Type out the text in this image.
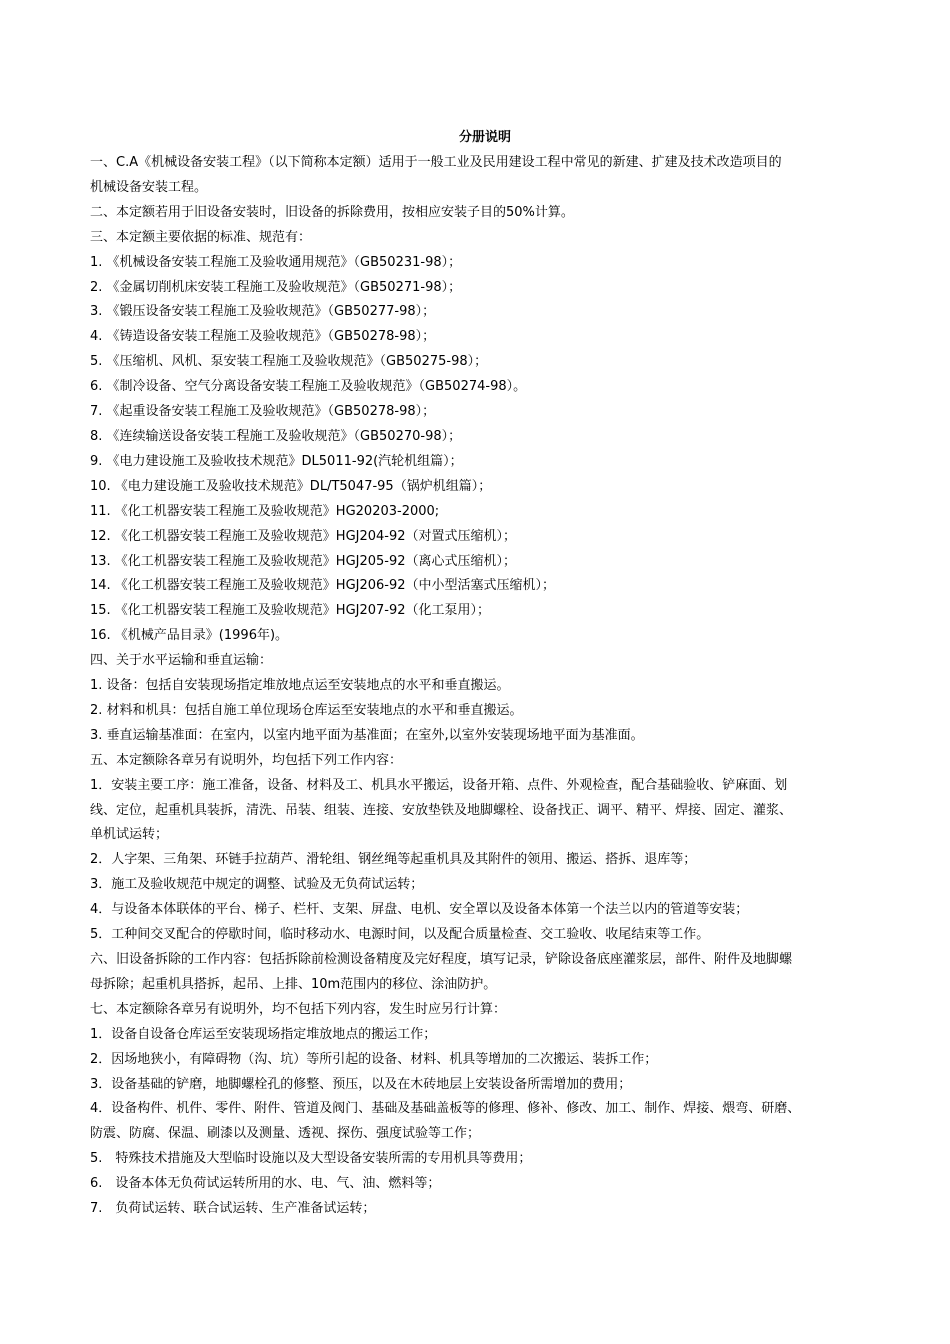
分册说明
一、C.A《机械设备安装工程》（以下简称本定额）适用于一般工业及民用建设工程中常见的新建、扩建及技术改造项目的
机械设备安装工程。
二、本定额若用于旧设备安装时，旧设备的拆除费用，按相应安装子目的50%计算。
三、本定额主要依据的标准、规范有：
1. 《机械设备安装工程施工及验收通用规范》（GB50231-98）；
2. 《金属切削机床安装工程施工及验收规范》（GB50271-98）；
3. 《锻压设备安装工程施工及验收规范》（GB50277-98）；
4. 《铸造设备安装工程施工及验收规范》（GB50278-98）；
5. 《压缩机、风机、泵安装工程施工及验收规范》（GB50275-98）；
6. 《制冷设备、空气分离设备安装工程施工及验收规范》（GB50274-98）。
7. 《起重设备安装工程施工及验收规范》（GB50278-98）；
8. 《连续输送设备安装工程施工及验收规范》（GB50270-98）；
9. 《电力建设施工及验收技术规范》DL5011-92(汽轮机组篇）；
10. 《电力建设施工及验收技术规范》DL/T5047-95（锅炉机组篇）；
11. 《化工机器安装工程施工及验收规范》HG20203-2000;
12. 《化工机器安装工程施工及验收规范》HGJ204-92（对置式压缩机）；
13. 《化工机器安装工程施工及验收规范》HGJ205-92（离心式压缩机）；
14. 《化工机器安装工程施工及验收规范》HGJ206-92（中小型活塞式压缩机）；
15. 《化工机器安装工程施工及验收规范》HGJ207-92（化工泵用）；
16. 《机械产品目录》(1996年)。
四、关于水平运输和垂直运输：
1. 设备：包括自安装现场指定堆放地点运至安装地点的水平和垂直搬运。
2. 材料和机具：包括自施工单位现场仓库运至安装地点的水平和垂直搬运。
3. 垂直运输基准面：在室内，以室内地平面为基准面；在室外,以室外安装现场地平面为基准面。
五、本定额除各章另有说明外，均包括下列工作内容：
1．安装主要工序：施工准备，设备、材料及工、机具水平搬运，设备开箱、点件、外观检查，配合基础验收、铲麻面、划
线、定位，起重机具装拆，清洗、吊装、组装、连接、安放垫铁及地脚螺栓、设备找正、调平、精平、焊接、固定、灌浆、
单机试运转；
2．人字架、三角架、环链手拉葫芦、滑轮组、钢丝绳等起重机具及其附件的领用、搬运、搭拆、退库等；
3．施工及验收规范中规定的调整、试验及无负荷试运转；
4．与设备本体联体的平台、梯子、栏杆、支架、屏盘、电机、安全罩以及设备本体第一个法兰以内的管道等安装；
5．工种间交叉配合的停歇时间，临时移动水、电源时间，以及配合质量检查、交工验收、收尾结束等工作。
六、旧设备拆除的工作内容：包括拆除前检测设备精度及完好程度，填写记录，铲除设备底座灌浆层，部件、附件及地脚螺
母拆除；起重机具搭拆，起吊、上排、10m范围内的移位、涂油防护。
七、本定额除各章另有说明外，均不包括下列内容，发生时应另行计算：
1．设备自设备仓库运至安装现场指定堆放地点的搬运工作；
2．因场地狭小，有障碍物（沟、坑）等所引起的设备、材料、机具等增加的二次搬运、装拆工作；
3．设备基础的铲磨，地脚螺栓孔的修整、预压，以及在木砖地层上安装设备所需增加的费用；
4．设备构件、机件、零件、附件、管道及阀门、基础及基础盖板等的修理、修补、修改、加工、制作、焊接、煨弯、研磨、
防震、防腐、保温、刷漆以及测量、透视、探伤、强度试验等工作；
5.　特殊技术措施及大型临时设施以及大型设备安装所需的专用机具等费用；
6.　设备本体无负荷试运转所用的水、电、气、油、燃料等；
7.　负荷试运转、联合试运转、生产准备试运转；
